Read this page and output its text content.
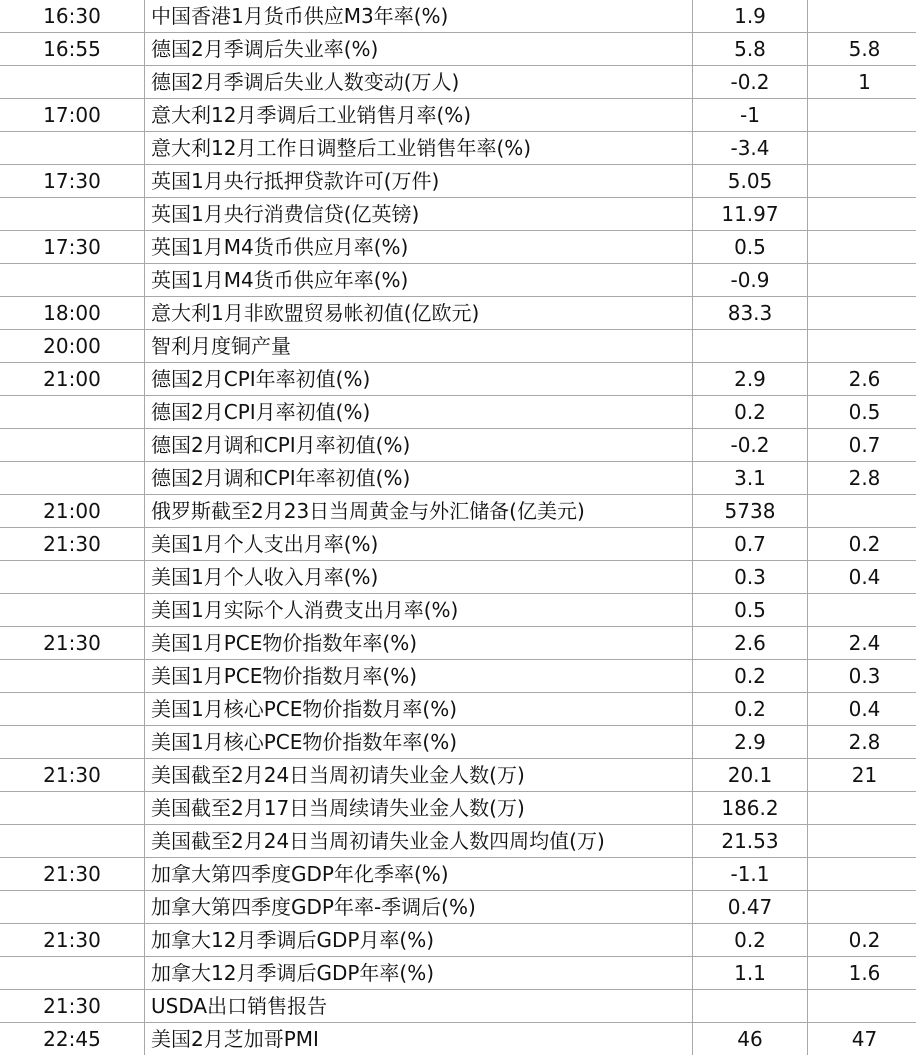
16:30	中国香港1月货币供应M3年率(%)	1.9	
16:55	德国2月季调后失业率(%)	5.8	5.8
	德国2月季调后失业人数变动(万人)	-0.2	1
17:00	意大利12月季调后工业销售月率(%)	-1	
	意大利12月工作日调整后工业销售年率(%)	-3.4	
17:30	英国1月央行抵押贷款许可(万件)	5.05	
	英国1月央行消费信贷(亿英镑)	11.97	
17:30	英国1月M4货币供应月率(%)	0.5	
	英国1月M4货币供应年率(%)	-0.9	
18:00	意大利1月非欧盟贸易帐初值(亿欧元)	83.3	
20:00	智利月度铜产量		
21:00	德国2月CPI年率初值(%)	2.9	2.6
	德国2月CPI月率初值(%)	0.2	0.5
	德国2月调和CPI月率初值(%)	-0.2	0.7
	德国2月调和CPI年率初值(%)	3.1	2.8
21:00	俄罗斯截至2月23日当周黄金与外汇储备(亿美元)	5738	
21:30	美国1月个人支出月率(%)	0.7	0.2
	美国1月个人收入月率(%)	0.3	0.4
	美国1月实际个人消费支出月率(%)	0.5	
21:30	美国1月PCE物价指数年率(%)	2.6	2.4
	美国1月PCE物价指数月率(%)	0.2	0.3
	美国1月核心PCE物价指数月率(%)	0.2	0.4
	美国1月核心PCE物价指数年率(%)	2.9	2.8
21:30	美国截至2月24日当周初请失业金人数(万)	20.1	21
	美国截至2月17日当周续请失业金人数(万)	186.2	
	美国截至2月24日当周初请失业金人数四周均值(万)	21.53	
21:30	加拿大第四季度GDP年化季率(%)	-1.1	
	加拿大第四季度GDP年率-季调后(%)	0.47	
21:30	加拿大12月季调后GDP月率(%)	0.2	0.2
	加拿大12月季调后GDP年率(%)	1.1	1.6
21:30	USDA出口销售报告		
22:45	美国2月芝加哥PMI	46	47
